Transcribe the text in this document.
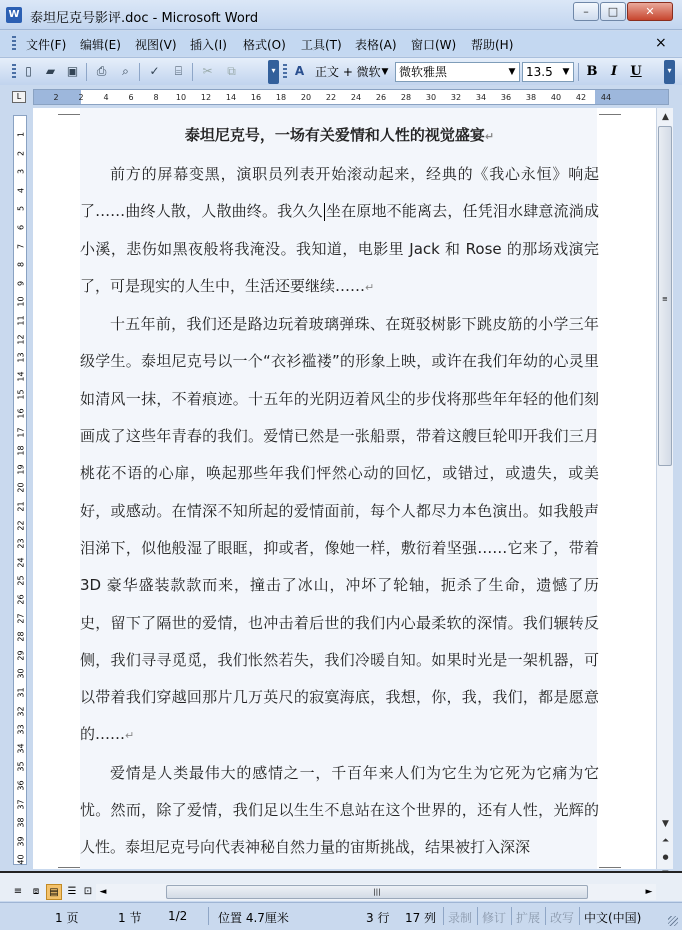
W 泰坦尼克号影评.doc - Microsoft Word	–	□	✕
文件(F) 编辑(E) 视图(V) 插入(I) 格式(O) 工具(T) 表格(A) 窗口(W) 帮助(H)	×
▯	▰ ▣	⎙	⌕	✓	⌸	✂	⧉	▾	A 正文 + 微软 ▼ 微软雅黑	▼ 13.5	▼ B	I	U	▾
L	2 2 4 6 8 10 12 14 16 18 20 22 24 26 28 30 32 34 36 38 40 42 44
1
2
3
4
5
6
7
8
9
10
11
12
13
14
15
16
17
18
19
20
21
22
23
24
25
26
27
28
29
30
31
32
33
34
35
36
37
38
39
40
泰坦尼克号，一场有关爱情和人性的视觉盛宴↵
前方的屏幕变黑，演职员列表开始滚动起来，经典的《我心永恒》响起了……曲终人散，人散曲终。我久久 坐在原地不能离去，任凭泪水肆意流淌成小溪，悲伤如黑夜般将我淹没。我知道，电影里 Jack 和 Rose 的那场戏演完了，可是现实的人生中，生活还要继续……↵
十五年前，我们还是路边玩着玻璃弹珠、在斑驳树影下跳皮筋的小学三年级学生。泰坦尼克号以一个“衣衫褴褛”的形象上映，或许在我们年幼的心灵里如清风一抹，不着痕迹。十五年的光阴迈着风尘的步伐将那些年年轻的他们刻画成了这些年青春的我们。爱情已然是一张船票，带着这艘巨轮叩开我们三月桃花不语的心扉，唤起那些年我们怦然心动的回忆，或错过，或遗失，或美好，或感动。在情深不知所起的爱情面前，每个人都尽力本色演出。如我般声泪涕下，似他般湿了眼眶，抑或者，像她一样，敷衍着坚强……它来了，带着 3D 豪华盛装款款而来，撞击了冰山，冲坏了轮轴，扼杀了生命，遗憾了历史，留下了隔世的爱情，也冲击着后世的我们内心最柔软的深情。我们辗转反侧，我们寻寻觅觅，我们怅然若失，我们冷暖自知。如果时光是一架机器，可以带着我们穿越回那片几万英尺的寂寞海底，我想，你，我，我们，都是愿意的……↵
爱情是人类最伟大的感情之一，千百年来人们为它生为它死为它痛为它忧。然而，除了爱情，我们足以生生不息站在这个世界的，还有人性，光辉的人性。泰坦尼克号向代表神秘自然力量的宙斯挑战，结果被打入深深
▲
≡
▼
⏶
●
≡	⧈	▤ ☰ ⊡ ◄	|||	►
1 页	1 节 1/2	位置 4.7厘米	3 行 17 列 录制 修订 扩展 改写 中文(中国)
